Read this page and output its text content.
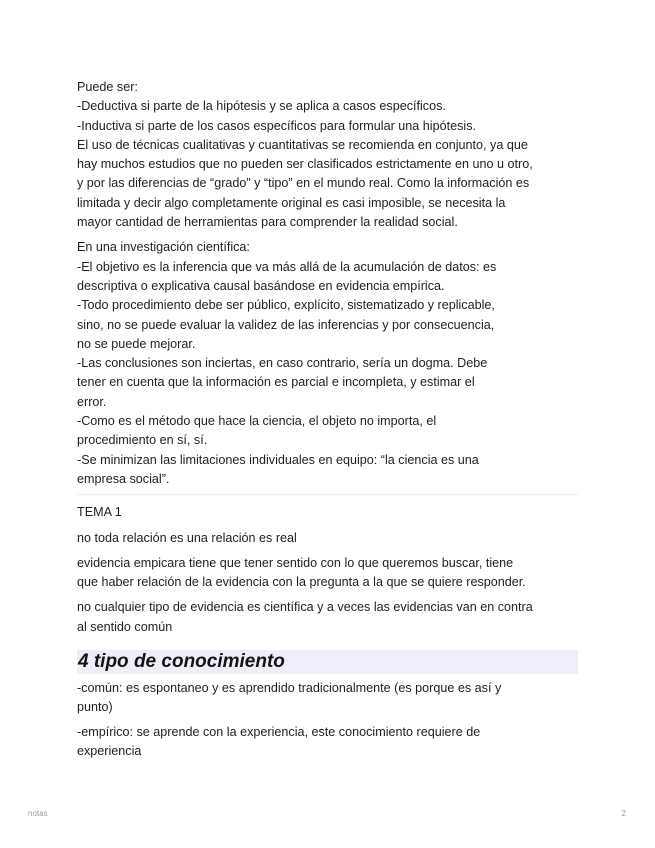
Puede ser:
-Deductiva si parte de la hipótesis y se aplica a casos específicos.
-Inductiva si parte de los casos específicos para formular una hipótesis.
El uso de técnicas cualitativas y cuantitativas se recomienda en conjunto, ya que
hay muchos estudios que no pueden ser clasificados estrictamente en uno u otro,
y por las diferencias de “grado” y “tipo” en el mundo real. Como la información es
limitada y decir algo completamente original es casi imposible, se necesita la
mayor cantidad de herramientas para comprender la realidad social.
En una investigación científica:
-El objetivo es la inferencia que va más allá de la acumulación de datos: es
descriptiva o explicativa causal basándose en evidencia empírica.
-Todo procedimiento debe ser público, explícito, sistematizado y replicable,
sino, no se puede evaluar la validez de las inferencias y por consecuencia,
no se puede mejorar.
-Las conclusiones son inciertas, en caso contrario, sería un dogma. Debe
tener en cuenta que la información es parcial e incompleta, y estimar el
error.
-Como es el método que hace la ciencia, el objeto no importa, el
procedimiento en sí, sí.
-Se minimizan las limitaciones individuales en equipo: “la ciencia es una
empresa social”.
TEMA 1
no toda relación es una relación es real
evidencia empicara tiene que tener sentido con lo que queremos buscar, tiene
que haber relación de la evidencia con la pregunta a la que se quiere responder.
no cualquier tipo de evidencia es científica y a veces las evidencias van en contra
al sentido común
4 tipo de conocimiento
-común: es espontaneo y es aprendido tradicionalmente (es porque es así y
punto)
-empírico: se aprende con la experiencia, este conocimiento requiere de
experiencia
notas	2
